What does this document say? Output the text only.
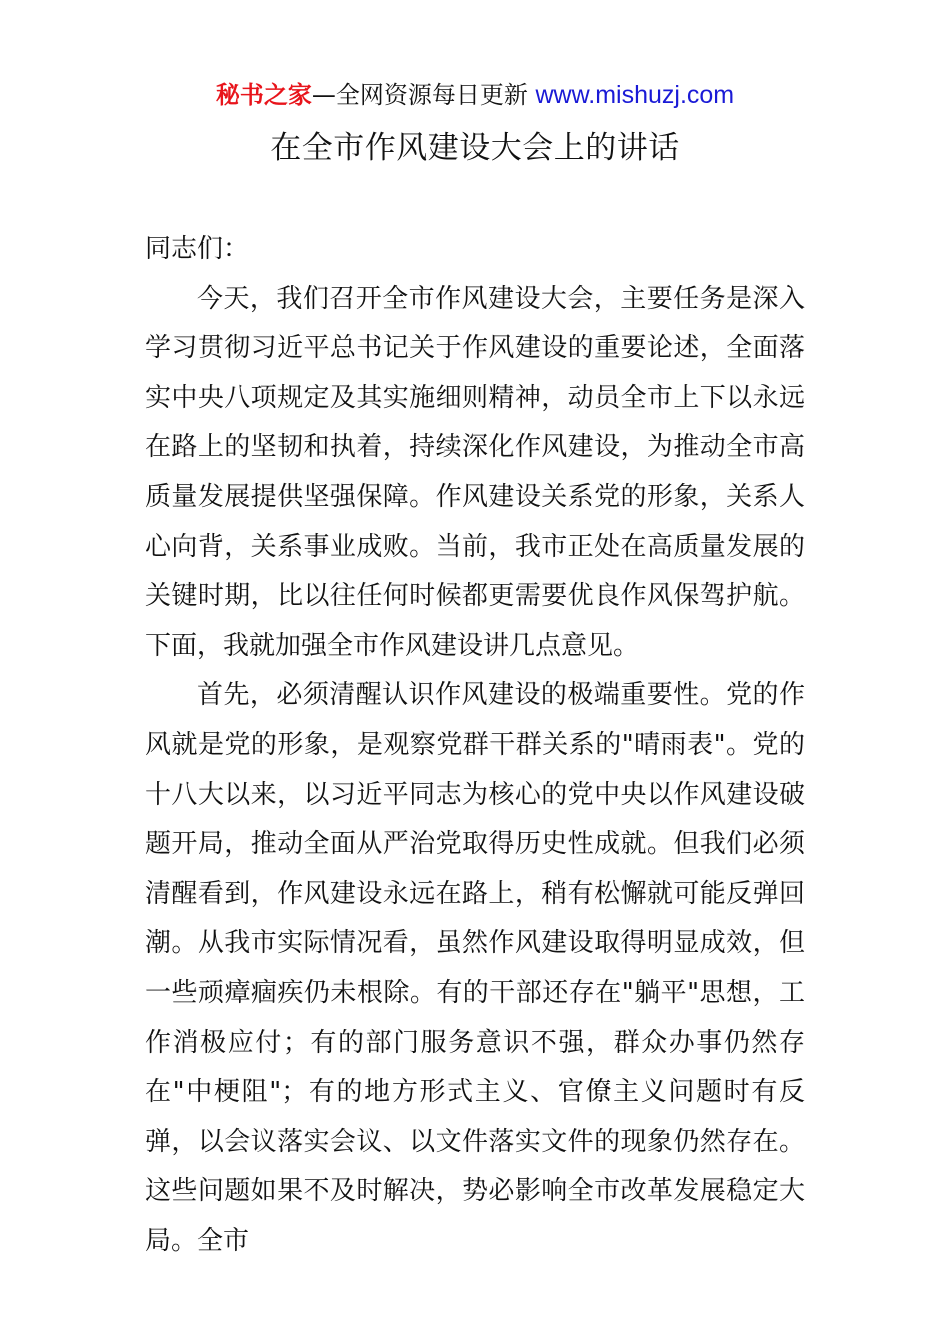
秘书之家—全网资源每日更新 www.mishuzj.com
在全市作风建设大会上的讲话

同志们：

今天，我们召开全市作风建设大会，主要任务是深入学习贯彻习近平总书记关于作风建设的重要论述，全面落实中央八项规定及其实施细则精神，动员全市上下以永远在路上的坚韧和执着，持续深化作风建设，为推动全市高质量发展提供坚强保障。作风建设关系党的形象，关系人心向背，关系事业成败。当前，我市正处在高质量发展的关键时期，比以往任何时候都更需要优良作风保驾护航。下面，我就加强全市作风建设讲几点意见。

首先，必须清醒认识作风建设的极端重要性。党的作风就是党的形象，是观察党群干群关系的"晴雨表"。党的十八大以来，以习近平同志为核心的党中央以作风建设破题开局，推动全面从严治党取得历史性成就。但我们必须清醒看到，作风建设永远在路上，稍有松懈就可能反弹回潮。从我市实际情况看，虽然作风建设取得明显成效，但一些顽瘴痼疾仍未根除。有的干部还存在"躺平"思想，工作消极应付；有的部门服务意识不强，群众办事仍然存在"中梗阻"；有的地方形式主义、官僚主义问题时有反弹，以会议落实会议、以文件落实文件的现象仍然存在。这些问题如果不及时解决，势必影响全市改革发展稳定大局。全市
